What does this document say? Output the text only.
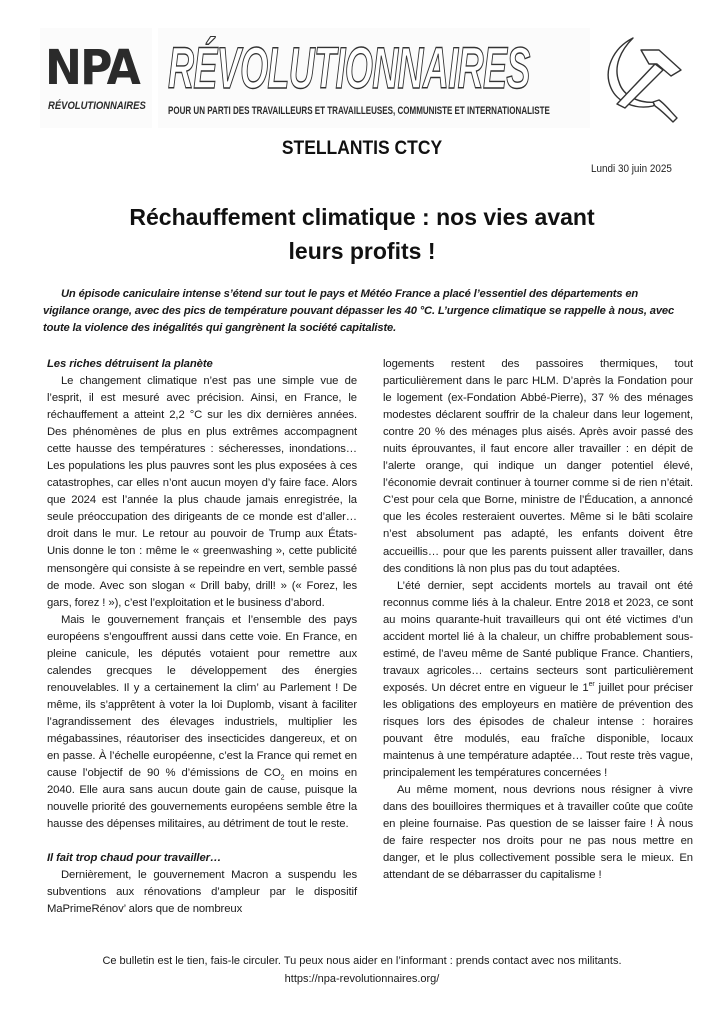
NPA
RÉVOLUTIONNAIRES
RÉVOLUTIONNAIRES
POUR UN PARTI DES TRAVAILLEURS ET TRAVAILLEUSES, COMMUNISTE ET INTERNATIONALISTE
STELLANTIS CTCY
Lundi 30 juin 2025
Réchauffement climatique : nos vies avant
leurs profits !
Un épisode caniculaire intense s’étend sur tout le pays et Météo France a placé l’essentiel des départements en vigilance orange, avec des pics de température pouvant dépasser les 40 °C. L’urgence climatique se rappelle à nous, avec toute la violence des inégalités qui gangrènent la société capitaliste.
Les riches détruisent la planète

Le changement climatique n’est pas une simple vue de l’esprit, il est mesuré avec précision. Ainsi, en France, le réchauffement a atteint 2,2 °C sur les dix dernières années. Des phénomènes de plus en plus extrêmes accompagnent cette hausse des températures : sécheresses, inondations… Les populations les plus pauvres sont les plus exposées à ces catastrophes, car elles n’ont aucun moyen d’y faire face. Alors que 2024 est l’année la plus chaude jamais enregistrée, la seule préoccupation des dirigeants de ce monde est d’aller… droit dans le mur. Le retour au pouvoir de Trump aux États-Unis donne le ton : même le « greenwashing », cette publicité mensongère qui consiste à se repeindre en vert, semble passé de mode. Avec son slogan « Drill baby, drill! » (« Forez, les gars, forez ! »), c’est l’exploitation et le business d’abord.

Mais le gouvernement français et l’ensemble des pays européens s’engouffrent aussi dans cette voie. En France, en pleine canicule, les députés votaient pour remettre aux calendes grecques le développement des énergies renouvelables. Il y a certainement la clim’ au Parlement ! De même, ils s’apprêtent à voter la loi Duplomb, visant à faciliter l’agrandissement des élevages industriels, multiplier les mégabassines, réautoriser des insecticides dangereux, et on en passe. À l’échelle européenne, c’est la France qui remet en cause l’objectif de 90 % d’émissions de $CO_2$ en moins en 2040. Elle aura sans aucun doute gain de cause, puisque la nouvelle priorité des gouvernements européens semble être la hausse des dépenses militaires, au détriment de tout le reste.

Il fait trop chaud pour travailler…

Dernièrement, le gouvernement Macron a suspendu les subventions aux rénovations d’ampleur par le dispositif MaPrimeRénov’ alors que de nombreux

logements restent des passoires thermiques, tout particulièrement dans le parc HLM. D’après la Fondation pour le logement (ex-Fondation Abbé-Pierre), 37 % des ménages modestes déclarent souffrir de la chaleur dans leur logement, contre 20 % des ménages plus aisés. Après avoir passé des nuits éprouvantes, il faut encore aller travailler : en dépit de l’alerte orange, qui indique un danger potentiel élevé, l’économie devrait continuer à tourner comme si de rien n’était. C’est pour cela que Borne, ministre de l’Éducation, a annoncé que les écoles resteraient ouvertes. Même si le bâti scolaire n’est absolument pas adapté, les enfants doivent être accueillis… pour que les parents puissent aller travailler, dans des conditions là non plus pas du tout adaptées.

L’été dernier, sept accidents mortels au travail ont été reconnus comme liés à la chaleur. Entre 2018 et 2023, ce sont au moins quarante-huit travailleurs qui ont été victimes d’un accident mortel lié à la chaleur, un chiffre probablement sous-estimé, de l’aveu même de Santé publique France. Chantiers, travaux agricoles… certains secteurs sont particulièrement exposés. Un décret entre en vigueur le 1er juillet pour préciser les obligations des employeurs en matière de prévention des risques lors des épisodes de chaleur intense : horaires pouvant être modulés, eau fraîche disponible, locaux maintenus à une température adaptée… Tout reste très vague, principalement les températures concernées !

Au même moment, nous devrions nous résigner à vivre dans des bouilloires thermiques et à travailler coûte que coûte en pleine fournaise. Pas question de se laisser faire ! À nous de faire respecter nos droits pour ne pas nous mettre en danger, et le plus collectivement possible sera le mieux. En attendant de se débarrasser du capitalisme !

Ce bulletin est le tien, fais-le circuler. Tu peux nous aider en l’informant : prends contact avec nos militants.
https://npa-revolutionnaires.org/
